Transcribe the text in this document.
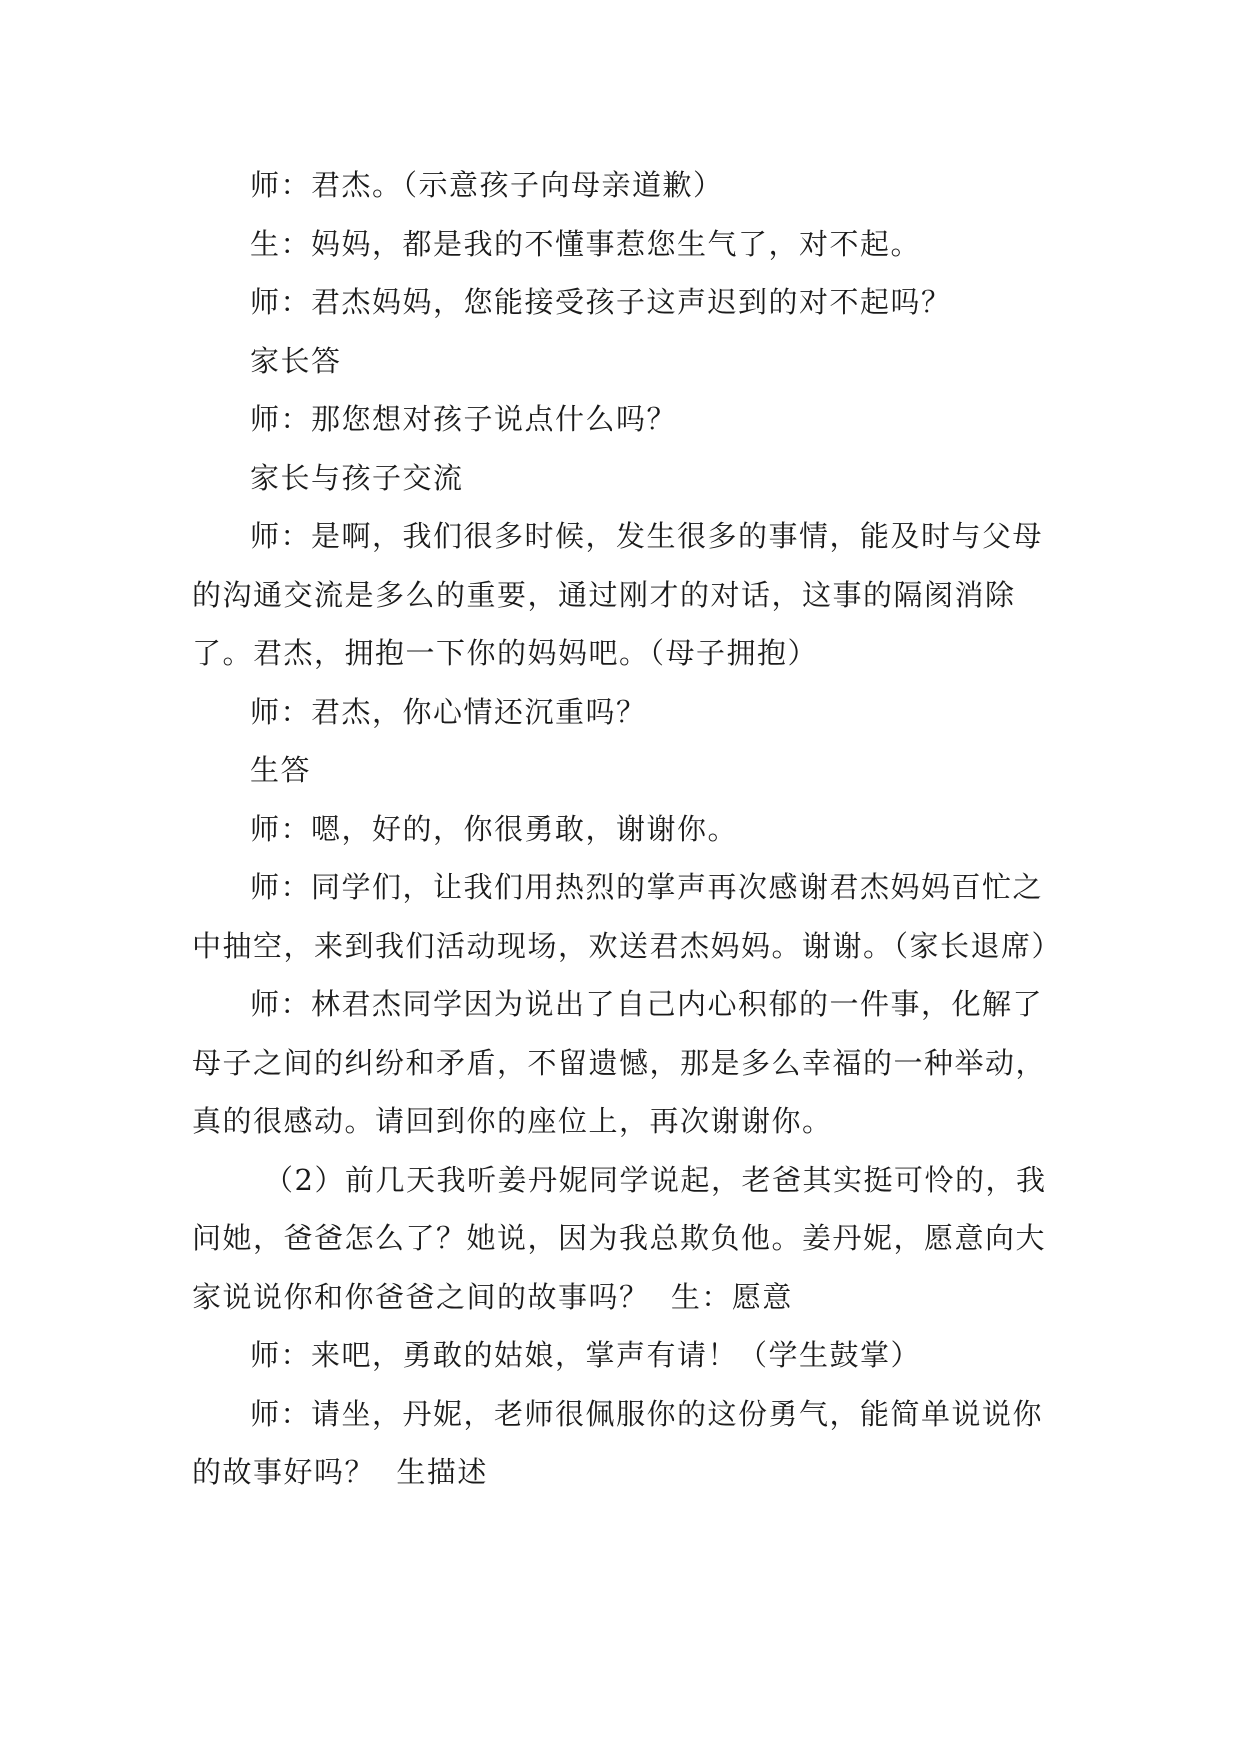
师：君杰。（示意孩子向母亲道歉）

生：妈妈，都是我的不懂事惹您生气了，对不起。

师：君杰妈妈，您能接受孩子这声迟到的对不起吗？

家长答

师：那您想对孩子说点什么吗？

家长与孩子交流

师：是啊，我们很多时候，发生很多的事情，能及时与父母的沟通交流是多么的重要，通过刚才的对话，这事的隔阂消除了。君杰，拥抱一下你的妈妈吧。（母子拥抱）

师：君杰，你心情还沉重吗？

生答

师：嗯，好的，你很勇敢，谢谢你。

师：同学们，让我们用热烈的掌声再次感谢君杰妈妈百忙之中抽空，来到我们活动现场，欢送君杰妈妈。谢谢。（家长退席）

师：林君杰同学因为说出了自己内心积郁的一件事，化解了母子之间的纠纷和矛盾，不留遗憾，那是多么幸福的一种举动，真的很感动。请回到你的座位上，再次谢谢你。

（2）前几天我听姜丹妮同学说起，老爸其实挺可怜的，我问她，爸爸怎么了？她说，因为我总欺负他。姜丹妮，愿意向大家说说你和你爸爸之间的故事吗？  生：愿意

师：来吧，勇敢的姑娘，掌声有请！（学生鼓掌）

师：请坐，丹妮，老师很佩服你的这份勇气，能简单说说你的故事好吗？  生描述
